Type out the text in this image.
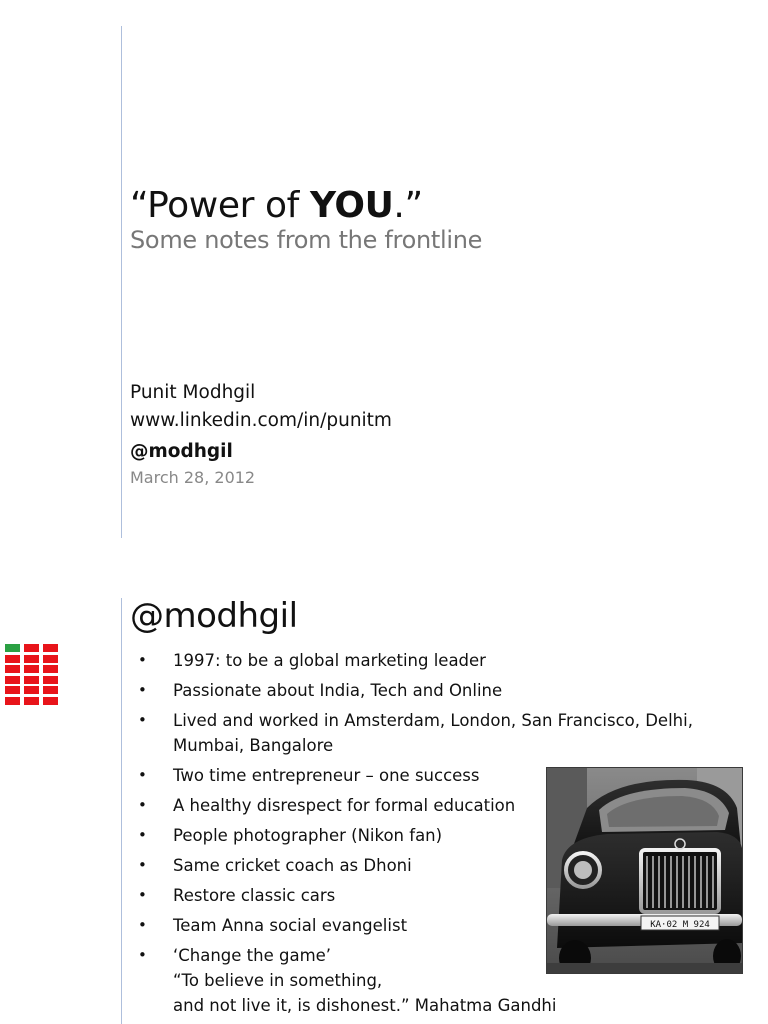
“Power of YOU.”
Some notes from the frontline
Punit Modhgil
www.linkedin.com/in/punitm
@modhgil
March 28, 2012
@modhgil
• 1997: to be a global marketing leader
• Passionate about India, Tech and Online
• Lived and worked in Amsterdam, London, San Francisco, Delhi,
Mumbai, Bangalore
• Two time entrepreneur – one success
• A healthy disrespect for formal education
• People photographer (Nikon fan)
• Same cricket coach as Dhoni
• Restore classic cars
• Team Anna social evangelist
• ‘Change the game’
“To believe in something,
and not live it, is dishonest.” Mahatma Gandhi
KA·02 M 924
